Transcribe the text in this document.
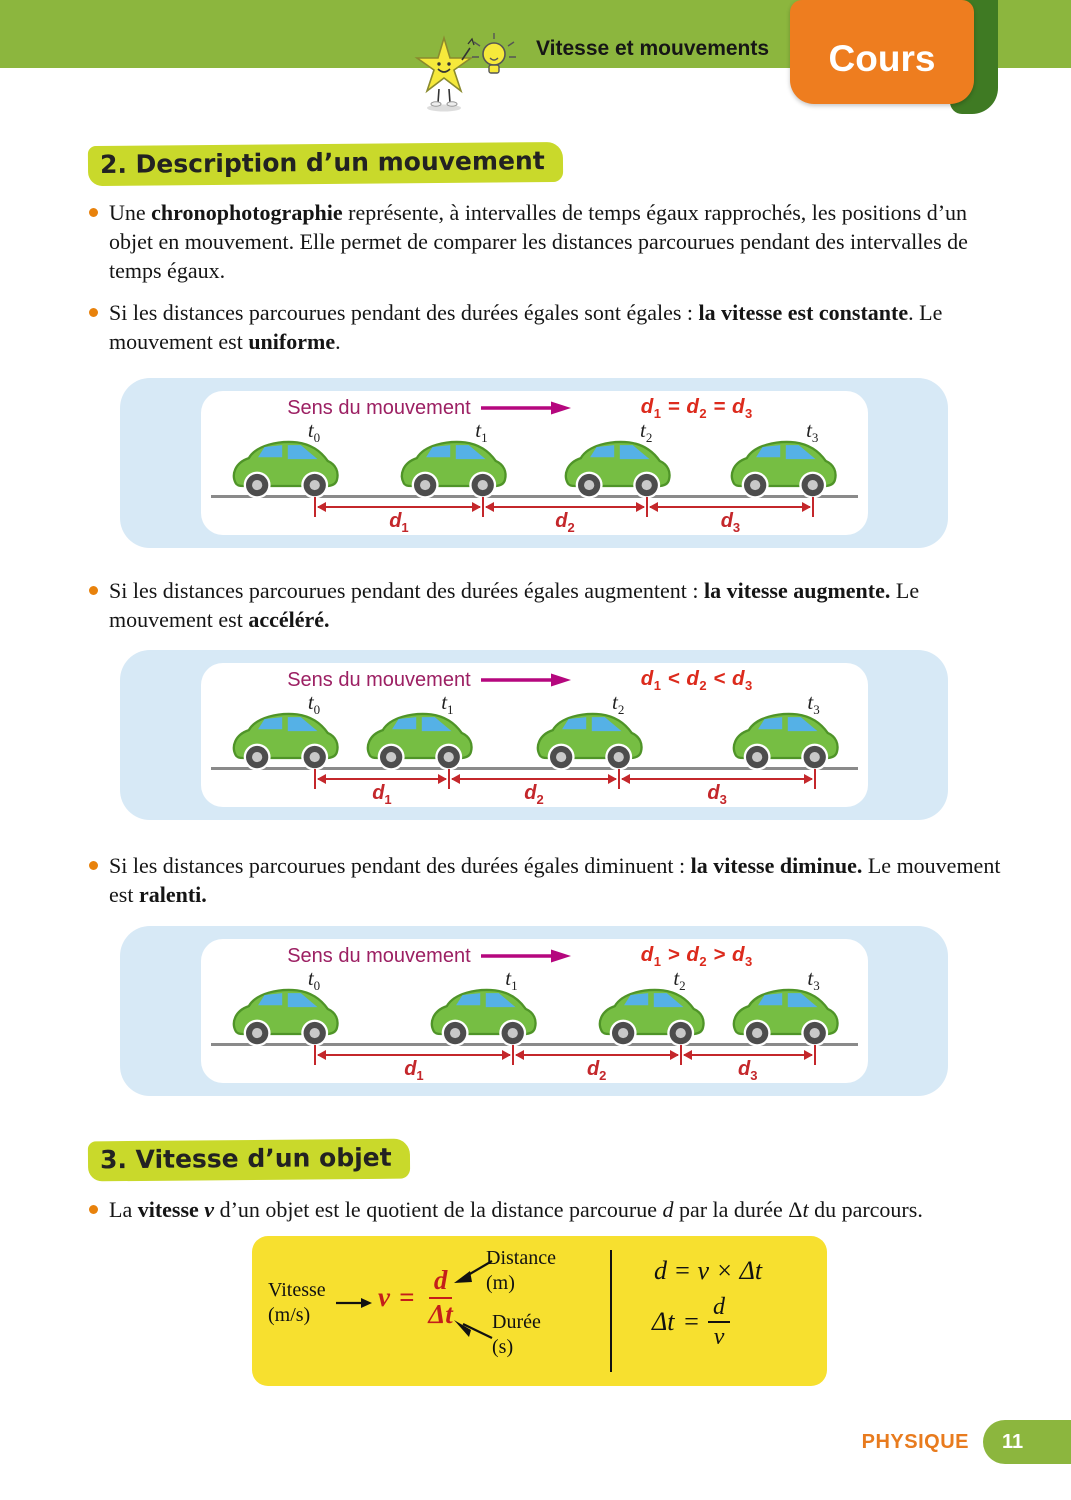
Vitesse et mouvements	Cours
2. Description d’un mouvement

Une chronophotographie représente, à intervalles de temps égaux rapprochés, les positions d’un objet en mouvement. Elle permet de comparer les distances parcourues pendant des intervalles de temps égaux.

Si les distances parcourues pendant des durées égales sont égales : la vitesse est constante. Le mouvement est uniforme.

Sens du mouvement	$d_1 = d_2 = d_3$
$t_0$	$t_1$	$t_2$	$t_3$
$d_1$	$d_2$	$d_3$

Si les distances parcourues pendant des durées égales augmentent : la vitesse augmente. Le mouvement est accéléré.

Sens du mouvement	$d_1 < d_2 < d_3$
$t_0$	$t_1$	$t_2$	$t_3$
$d_1$	$d_2$	$d_3$

Si les distances parcourues pendant des durées égales diminuent : la vitesse diminue. Le mouvement est ralenti.

Sens du mouvement	$d_1 > d_2 > d_3$
$t_0$	$t_1$	$t_2$	$t_3$
$d_1$	$d_2$	$d_3$
3. Vitesse d’un objet

La vitesse v d’un objet est le quotient de la distance parcourue d par la durée Δt du parcours.

Vitesse
(m/s)
$v = \frac{d}{\Delta t}$
Distance
(m)
Durée
(s)
d = v × Δt
$\Delta t = \frac{d}{v}$
PHYSIQUE 11
